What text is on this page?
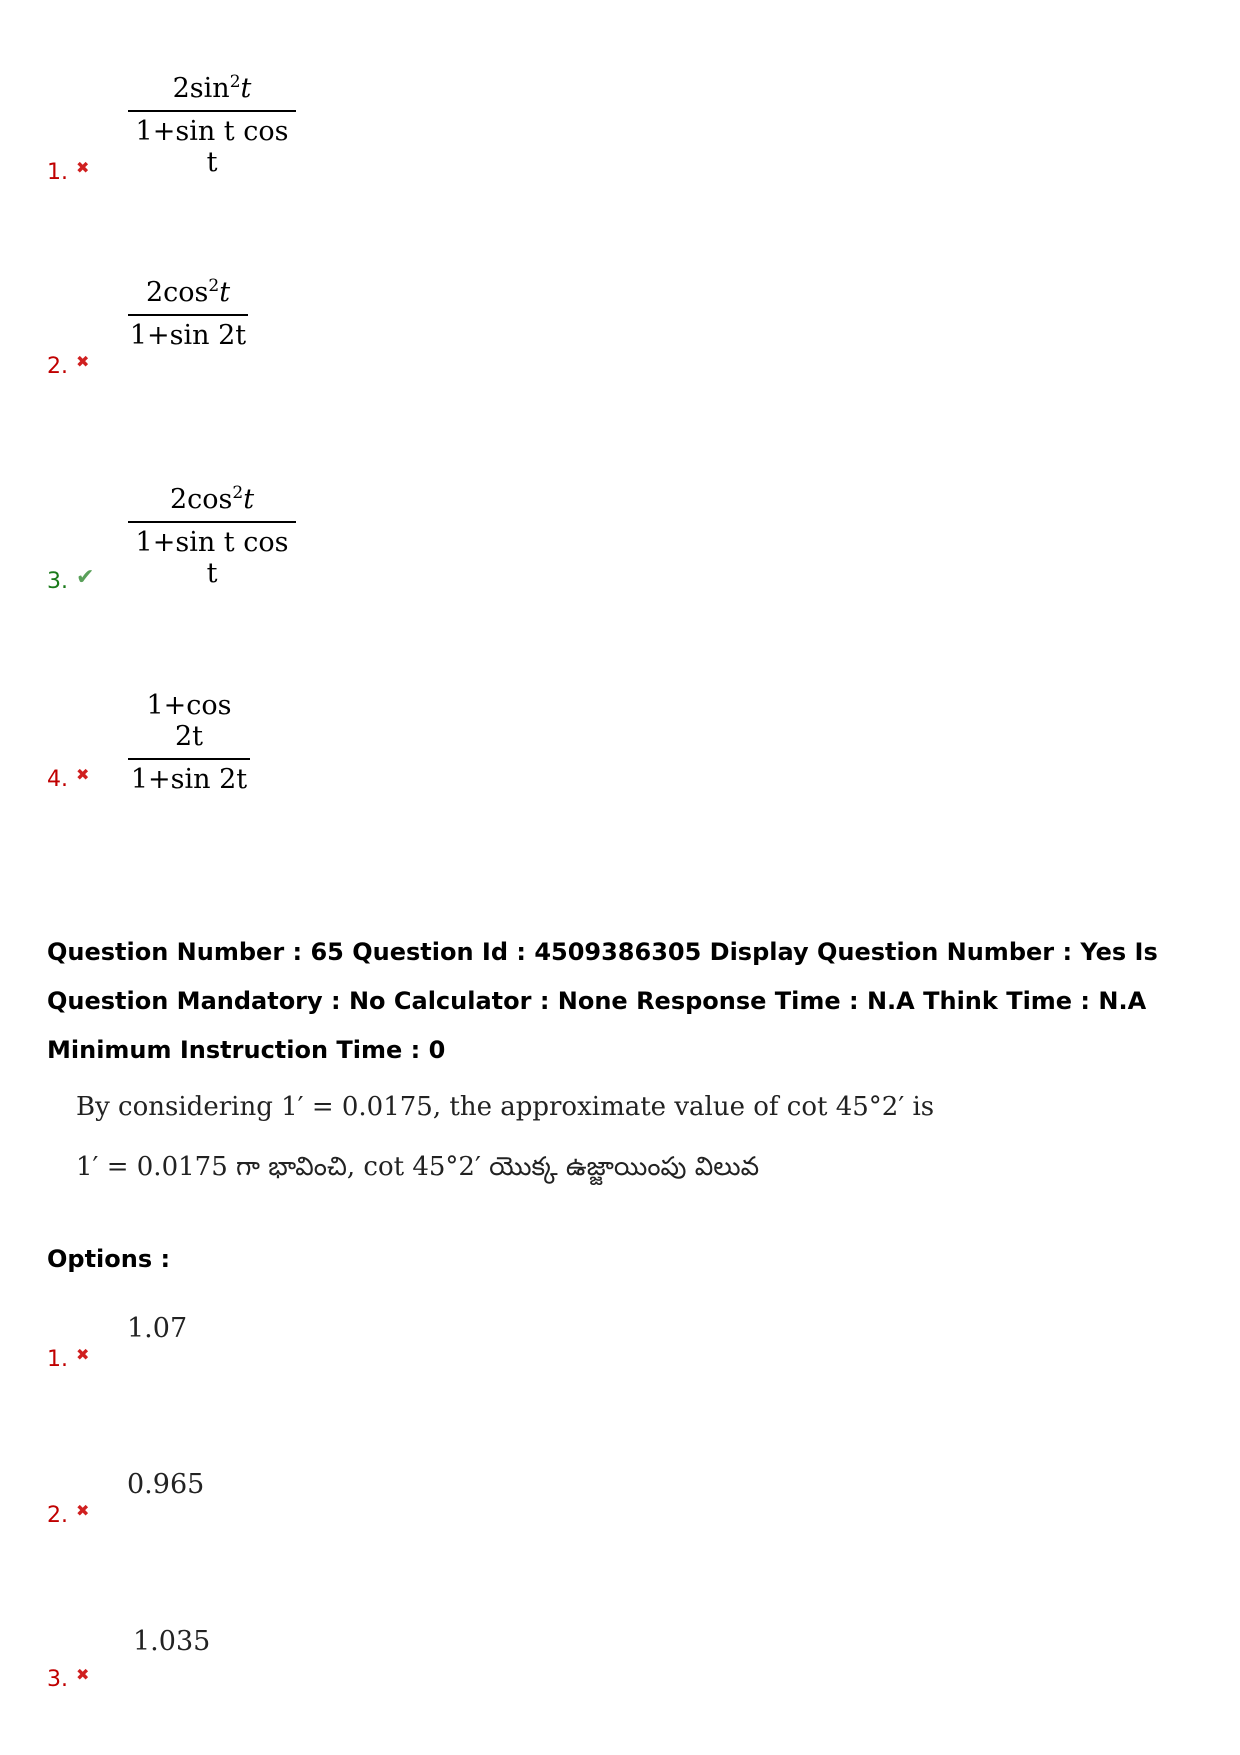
$2\sin^2t$
1+sin t cos t
1. ✖
$2\cos^2t$
1+sin 2t
2. ✖
$2\cos^2t$
1+sin t cos t
3. ✔
1+cos 2t
1+sin 2t
4. ✖
Question Number : 65 Question Id : 4509386305 Display Question Number : Yes Is Question Mandatory : No Calculator : None Response Time : N.A Think Time : N.A Minimum Instruction Time : 0
By considering 1′ = 0.0175, the approximate value of cot 45°2′ is
1′ = 0.0175 గా భావించి, cot 45°2′ యొక్క ఉజ్జాయింపు విలువ
Options :
1.07
1. ✖
0.965
2. ✖
1.035
3. ✖
